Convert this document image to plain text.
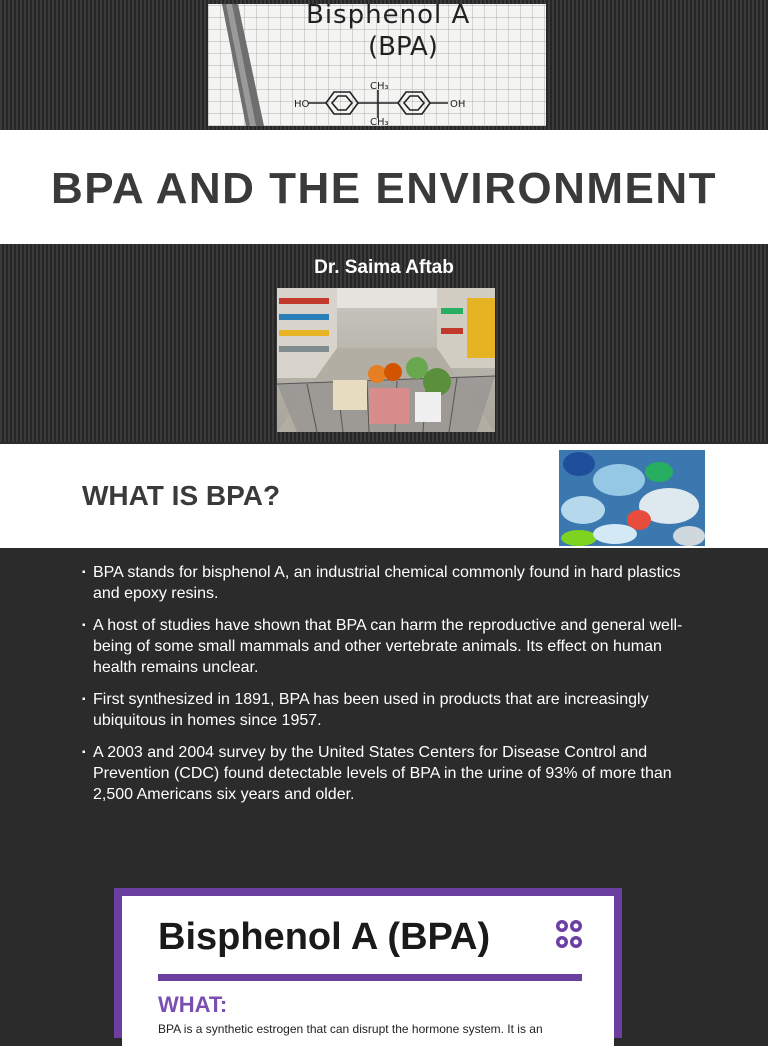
HO	OH
CH₃
CH₃
Bisphenol A
(BPA)
BPA AND THE ENVIRONMENT
Dr. Saima Aftab
WHAT IS BPA?
▪ BPA stands for bisphenol A, an industrial chemical commonly found in hard plastics and epoxy resins.
▪ A host of studies have shown that BPA can harm the reproductive and general well-being of some small mammals and other vertebrate animals. Its effect on human health remains unclear.
▪ First synthesized in 1891, BPA has been used in products that are increasingly ubiquitous in homes since 1957.
▪ A 2003 and 2004 survey by the United States Centers for Disease Control and Prevention (CDC) found detectable levels of BPA in the urine of 93% of more than 2,500 Americans six years and older.
Bisphenol A (BPA)
WHAT:
BPA is a synthetic estrogen that can disrupt the hormone system. It is an
